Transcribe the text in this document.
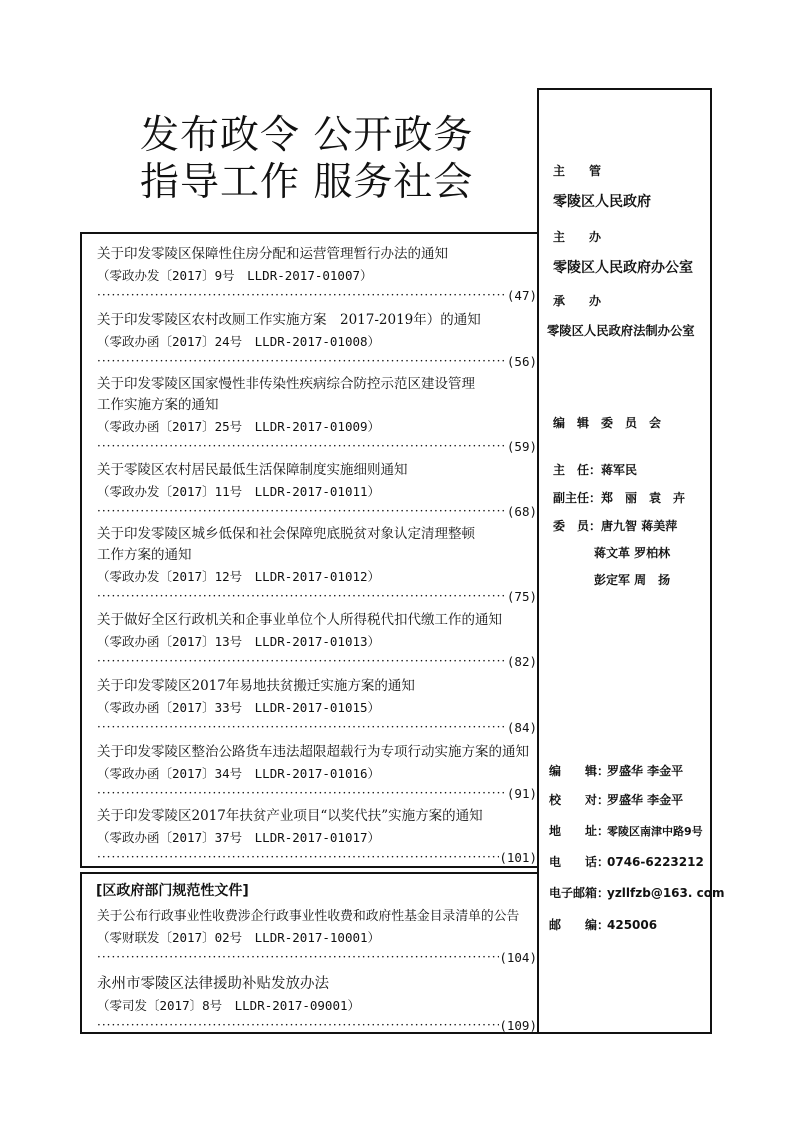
发布政令 公开政务
指导工作 服务社会
关于印发零陵区保障性住房分配和运营管理暂行办法的通知
（零政办发〔2017〕9号　LLDR-2017-01007）
·····
(47)
关于印发零陵区农村改厕工作实施方案　2017-2019年）的通知
（零政办函〔2017〕24号　LLDR-2017-01008）
·····
(56)
关于印发零陵区国家慢性非传染性疾病综合防控示范区建设管理
工作实施方案的通知
（零政办函〔2017〕25号　LLDR-2017-01009）
·····
(59)
关于零陵区农村居民最低生活保障制度实施细则通知
（零政办发〔2017〕11号　LLDR-2017-01011）
·····
(68)
关于印发零陵区城乡低保和社会保障兜底脱贫对象认定清理整顿
工作方案的通知
（零政办发〔2017〕12号　LLDR-2017-01012）
·····
(75)
关于做好全区行政机关和企事业单位个人所得税代扣代缴工作的通知
（零政办函〔2017〕13号　LLDR-2017-01013）
·····
(82)
关于印发零陵区2017年易地扶贫搬迁实施方案的通知
（零政办函〔2017〕33号　LLDR-2017-01015）
·····
(84)
关于印发零陵区整治公路货车违法超限超载行为专项行动实施方案的通知
（零政办函〔2017〕34号　LLDR-2017-01016）
·····
(91)
关于印发零陵区2017年扶贫产业项目“以奖代扶”实施方案的通知
（零政办函〔2017〕37号　LLDR-2017-01017）
·····
(101)
[区政府部门规范性文件]
关于公布行政事业性收费涉企行政事业性收费和政府性基金目录清单的公告
（零财联发〔2017〕02号　LLDR-2017-10001）
·····
(104)
永州市零陵区法律援助补贴发放办法
（零司发〔2017〕8号　LLDR-2017-09001）
·····
(109)
主　　管
零陵区人民政府
主　　办
零陵区人民政府办公室
承　　办
零陵区人民政府法制办公室
编　辑　委　员　会
主　任：蒋军民
副主任：郑　丽　袁　卉
委　员：唐九智 蒋美萍
蒋文革 罗柏林
彭定军 周　扬
编　　辑：罗盛华 李金平
校　　对：罗盛华 李金平
地　　址：零陵区南津中路9号
电　　话：0746-6223212
电子邮箱：yzllfzb@163. com
邮　　编：425006
